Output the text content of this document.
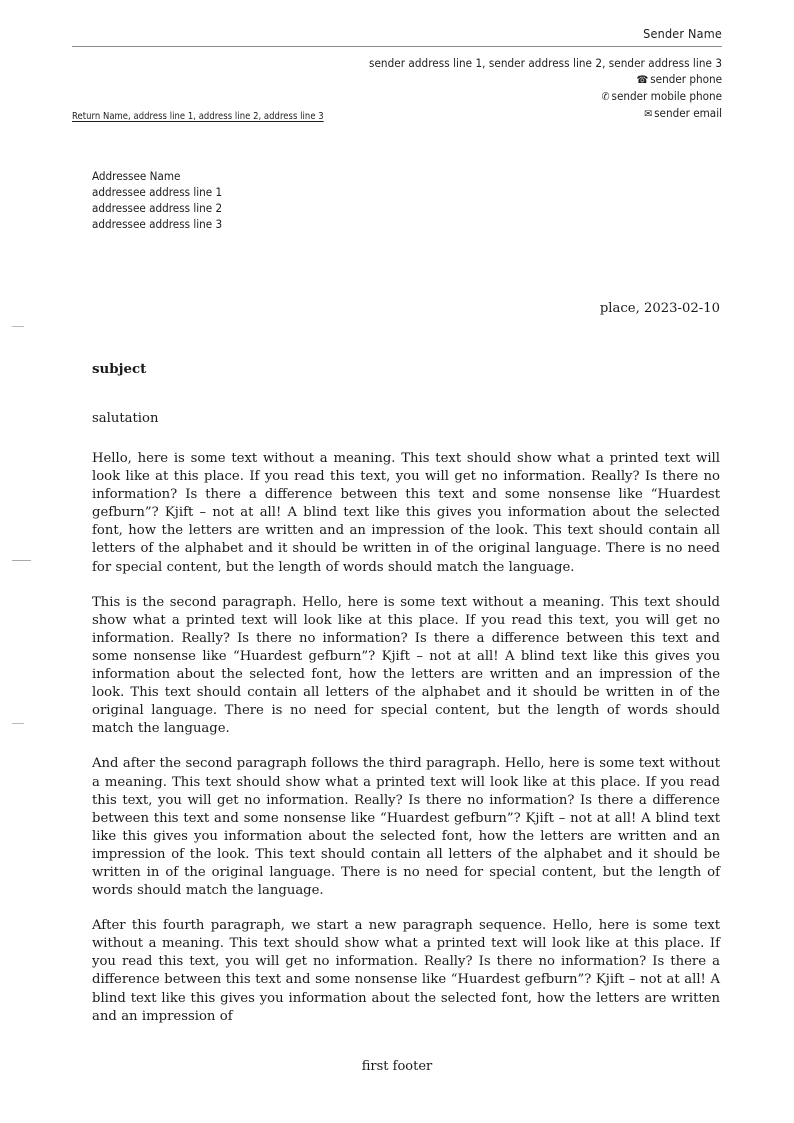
Sender Name
sender address line 1, sender address line 2, sender address line 3
☎ sender phone
✆ sender mobile phone
✉ sender email
Return Name, address line 1, address line 2, address line 3
Addressee Name
addressee address line 1
addressee address line 2
addressee address line 3

place, 2023-02-10

subject

salutation

Hello, here is some text without a meaning. This text should show what a printed text will look like at this place. If you read this text, you will get no information. Really? Is there no information? Is there a difference between this text and some nonsense like “Huardest gefburn”? Kjift – not at all! A blind text like this gives you information about the selected font, how the letters are written and an impression of the look. This text should contain all letters of the alphabet and it should be written in of the original language. There is no need for special content, but the length of words should match the language.

This is the second paragraph. Hello, here is some text without a meaning. This text should show what a printed text will look like at this place. If you read this text, you will get no information. Really? Is there no information? Is there a difference between this text and some nonsense like “Huardest gefburn”? Kjift – not at all! A blind text like this gives you information about the selected font, how the letters are written and an impression of the look. This text should contain all letters of the alphabet and it should be written in of the original language. There is no need for special content, but the length of words should match the language.

And after the second paragraph follows the third paragraph. Hello, here is some text without a meaning. This text should show what a printed text will look like at this place. If you read this text, you will get no information. Really? Is there no information? Is there a difference between this text and some nonsense like “Huardest gefburn”? Kjift – not at all! A blind text like this gives you information about the selected font, how the letters are written and an impression of the look. This text should contain all letters of the alphabet and it should be written in of the original language. There is no need for special content, but the length of words should match the language.

After this fourth paragraph, we start a new paragraph sequence. Hello, here is some text without a meaning. This text should show what a printed text will look like at this place. If you read this text, you will get no information. Really? Is there no information? Is there a difference between this text and some nonsense like “Huardest gefburn”? Kjift – not at all! A blind text like this gives you information about the selected font, how the letters are written and an impression of

first footer
